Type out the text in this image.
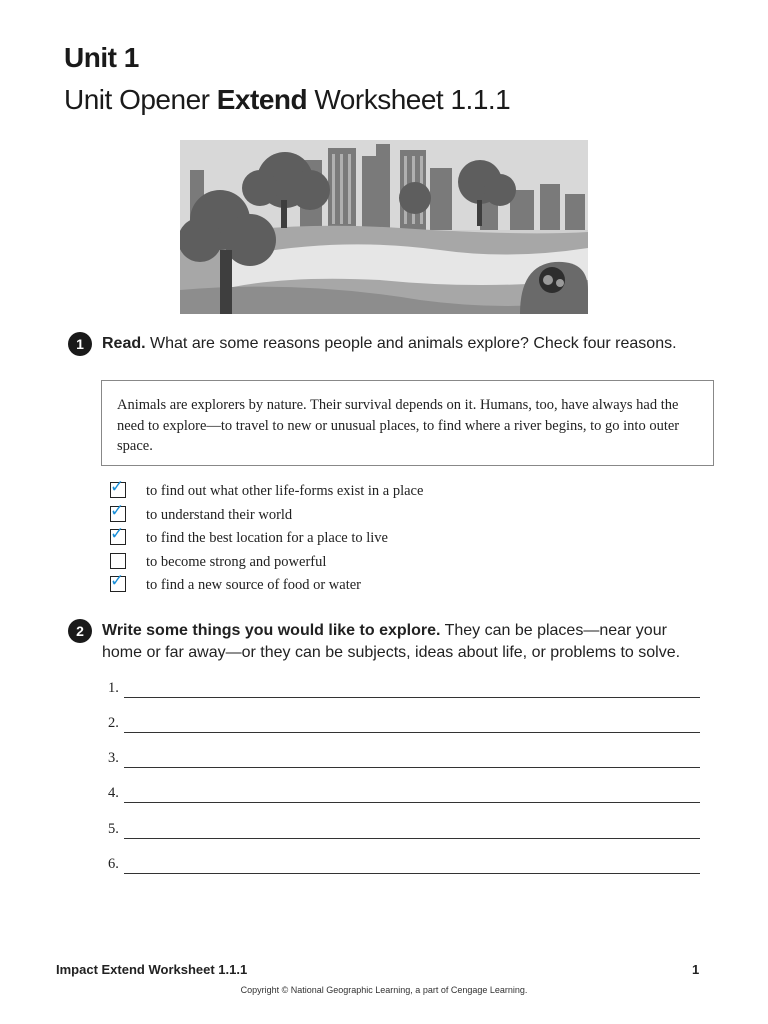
Unit 1
Unit Opener Extend Worksheet 1.1.1
1	Read. What are some reasons people and animals explore? Check four reasons.
Animals are explorers by nature. Their survival depends on it. Humans, too, have always had the need to explore—to travel to new or unusual places, to find where a river begins, to go into outer space.
✓ to find out what other life-forms exist in a place
✓ to understand their world
✓ to find the best location for a place to live
to become strong and powerful
✓ to find a new source of food or water
2	Write some things you would like to explore. They can be places—near your home or far away—or they can be subjects, ideas about life, or problems to solve.
1.
2.
3.
4.
5.
6.
Impact Extend Worksheet 1.1.1	1
Copyright © National Geographic Learning, a part of Cengage Learning.
